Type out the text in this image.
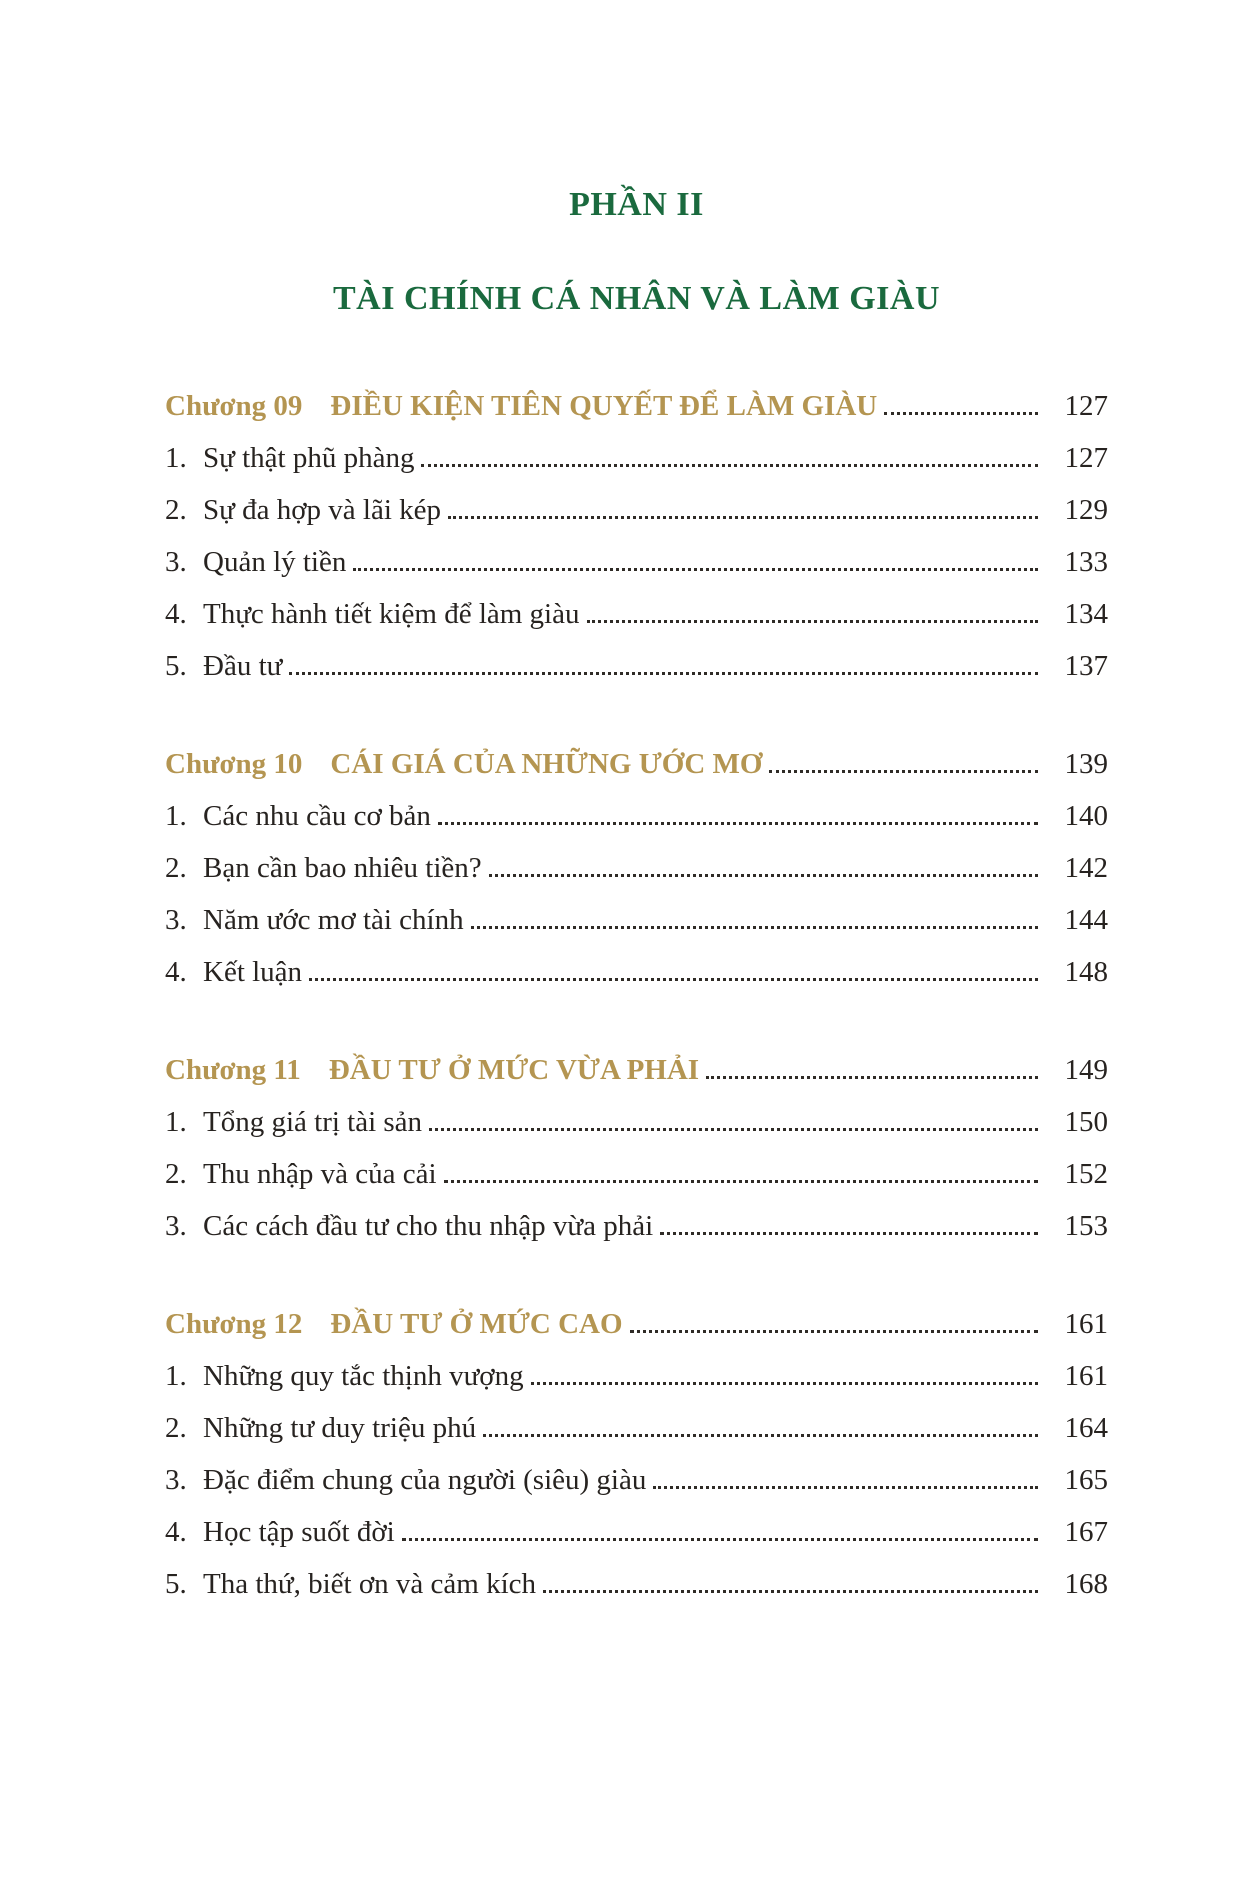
PHẦN II
TÀI CHÍNH CÁ NHÂN VÀ LÀM GIÀU
Chương 09 ĐIỀU KIỆN TIÊN QUYẾT ĐỂ LÀM GIÀU	127
1. Sự thật phũ phàng	127
2. Sự đa hợp và lãi kép	129
3. Quản lý tiền	133
4. Thực hành tiết kiệm để làm giàu	134
5. Đầu tư	137
Chương 10 CÁI GIÁ CỦA NHỮNG ƯỚC MƠ	139
1. Các nhu cầu cơ bản	140
2. Bạn cần bao nhiêu tiền?	142
3. Năm ước mơ tài chính	144
4. Kết luận	148
Chương 11 ĐẦU TƯ Ở MỨC VỪA PHẢI	149
1. Tổng giá trị tài sản	150
2. Thu nhập và của cải	152
3. Các cách đầu tư cho thu nhập vừa phải	153
Chương 12 ĐẦU TƯ Ở MỨC CAO	161
1. Những quy tắc thịnh vượng	161
2. Những tư duy triệu phú	164
3. Đặc điểm chung của người (siêu) giàu	165
4. Học tập suốt đời	167
5. Tha thứ, biết ơn và cảm kích	168
